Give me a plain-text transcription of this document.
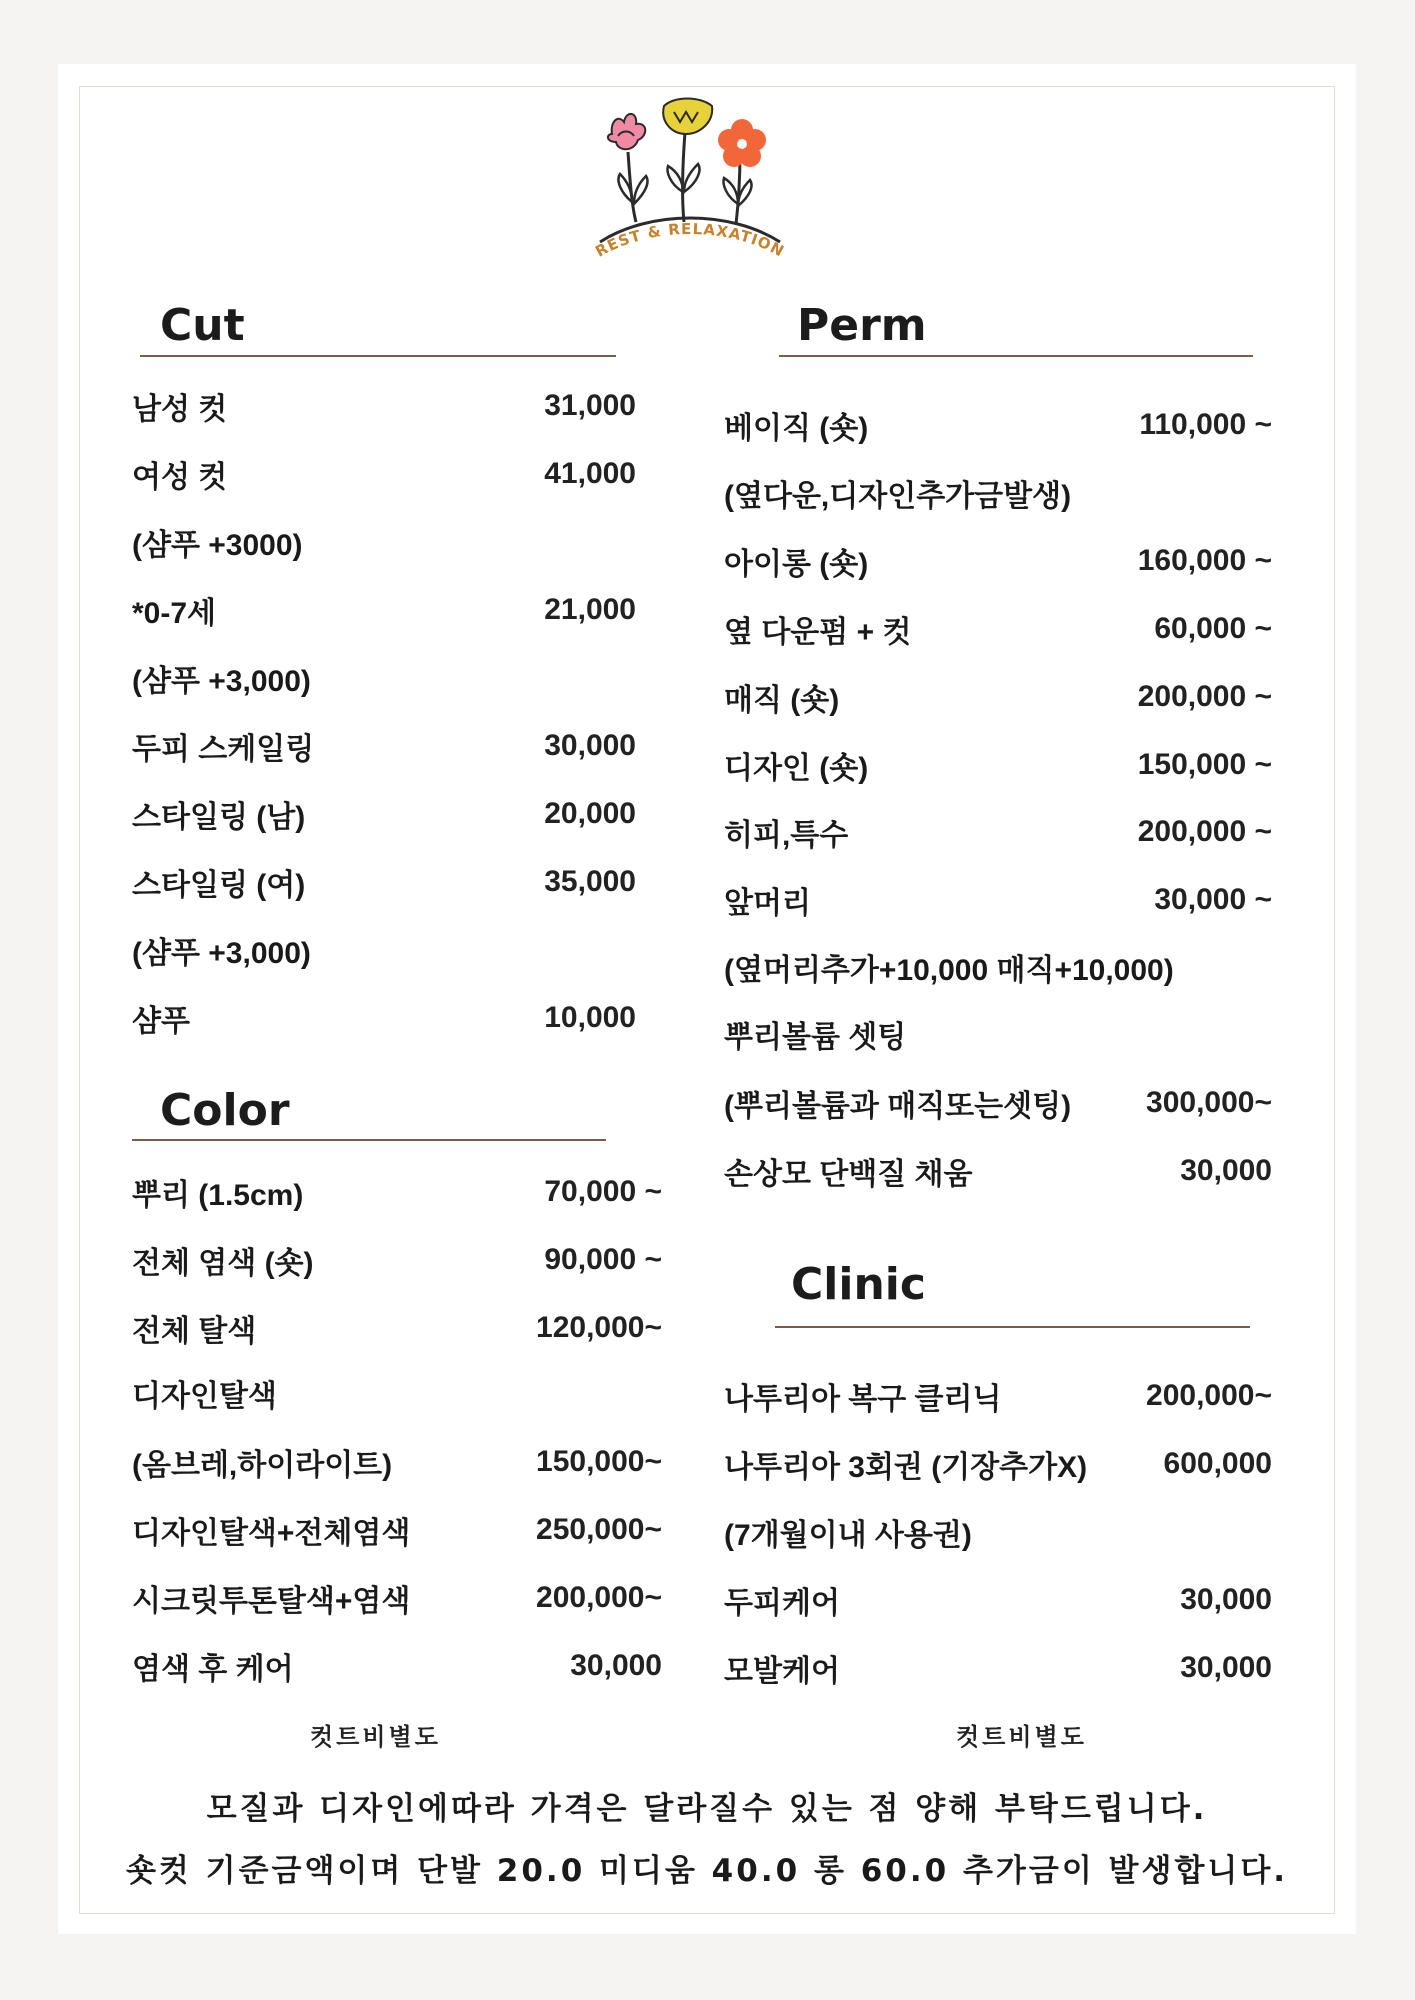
REST & RELAXATION
Cut	Perm
Color
Clinic
남성 컷	31,000
여성 컷	41,000
(샴푸 +3000)
*0-7세	21,000
(샴푸 +3,000)
두피 스케일링	30,000
스타일링 (남)	20,000
스타일링 (여)	35,000
(샴푸 +3,000)
샴푸	10,000
뿌리 (1.5cm)	70,000 ~
전체 염색 (숏)	90,000 ~
전체 탈색	120,000~
디자인탈색
(옴브레,하이라이트)	150,000~
디자인탈색+전체염색	250,000~
시크릿투톤탈색+염색	200,000~
염색 후 케어	30,000
컷트비별도
베이직 (숏)	110,000 ~
(옆다운,디자인추가금발생)
아이롱 (숏)	160,000 ~
옆 다운펌 + 컷	60,000 ~
매직 (숏)	200,000 ~
디자인 (숏)	150,000 ~
히피,특수	200,000 ~
앞머리	30,000 ~
(옆머리추가+10,000 매직+10,000)
뿌리볼륨 셋팅
(뿌리볼륨과 매직또는셋팅) 300,000~
손상모 단백질 채움	30,000
나투리아 복구 클리닉	200,000~
나투리아 3회권 (기장추가X)	600,000
(7개월이내 사용권)
두피케어	30,000
모발케어	30,000
컷트비별도
모질과 디자인에따라 가격은 달라질수 있는 점 양해 부탁드립니다.
숏컷 기준금액이며 단발 20.0 미디움 40.0 롱 60.0 추가금이 발생합니다.
